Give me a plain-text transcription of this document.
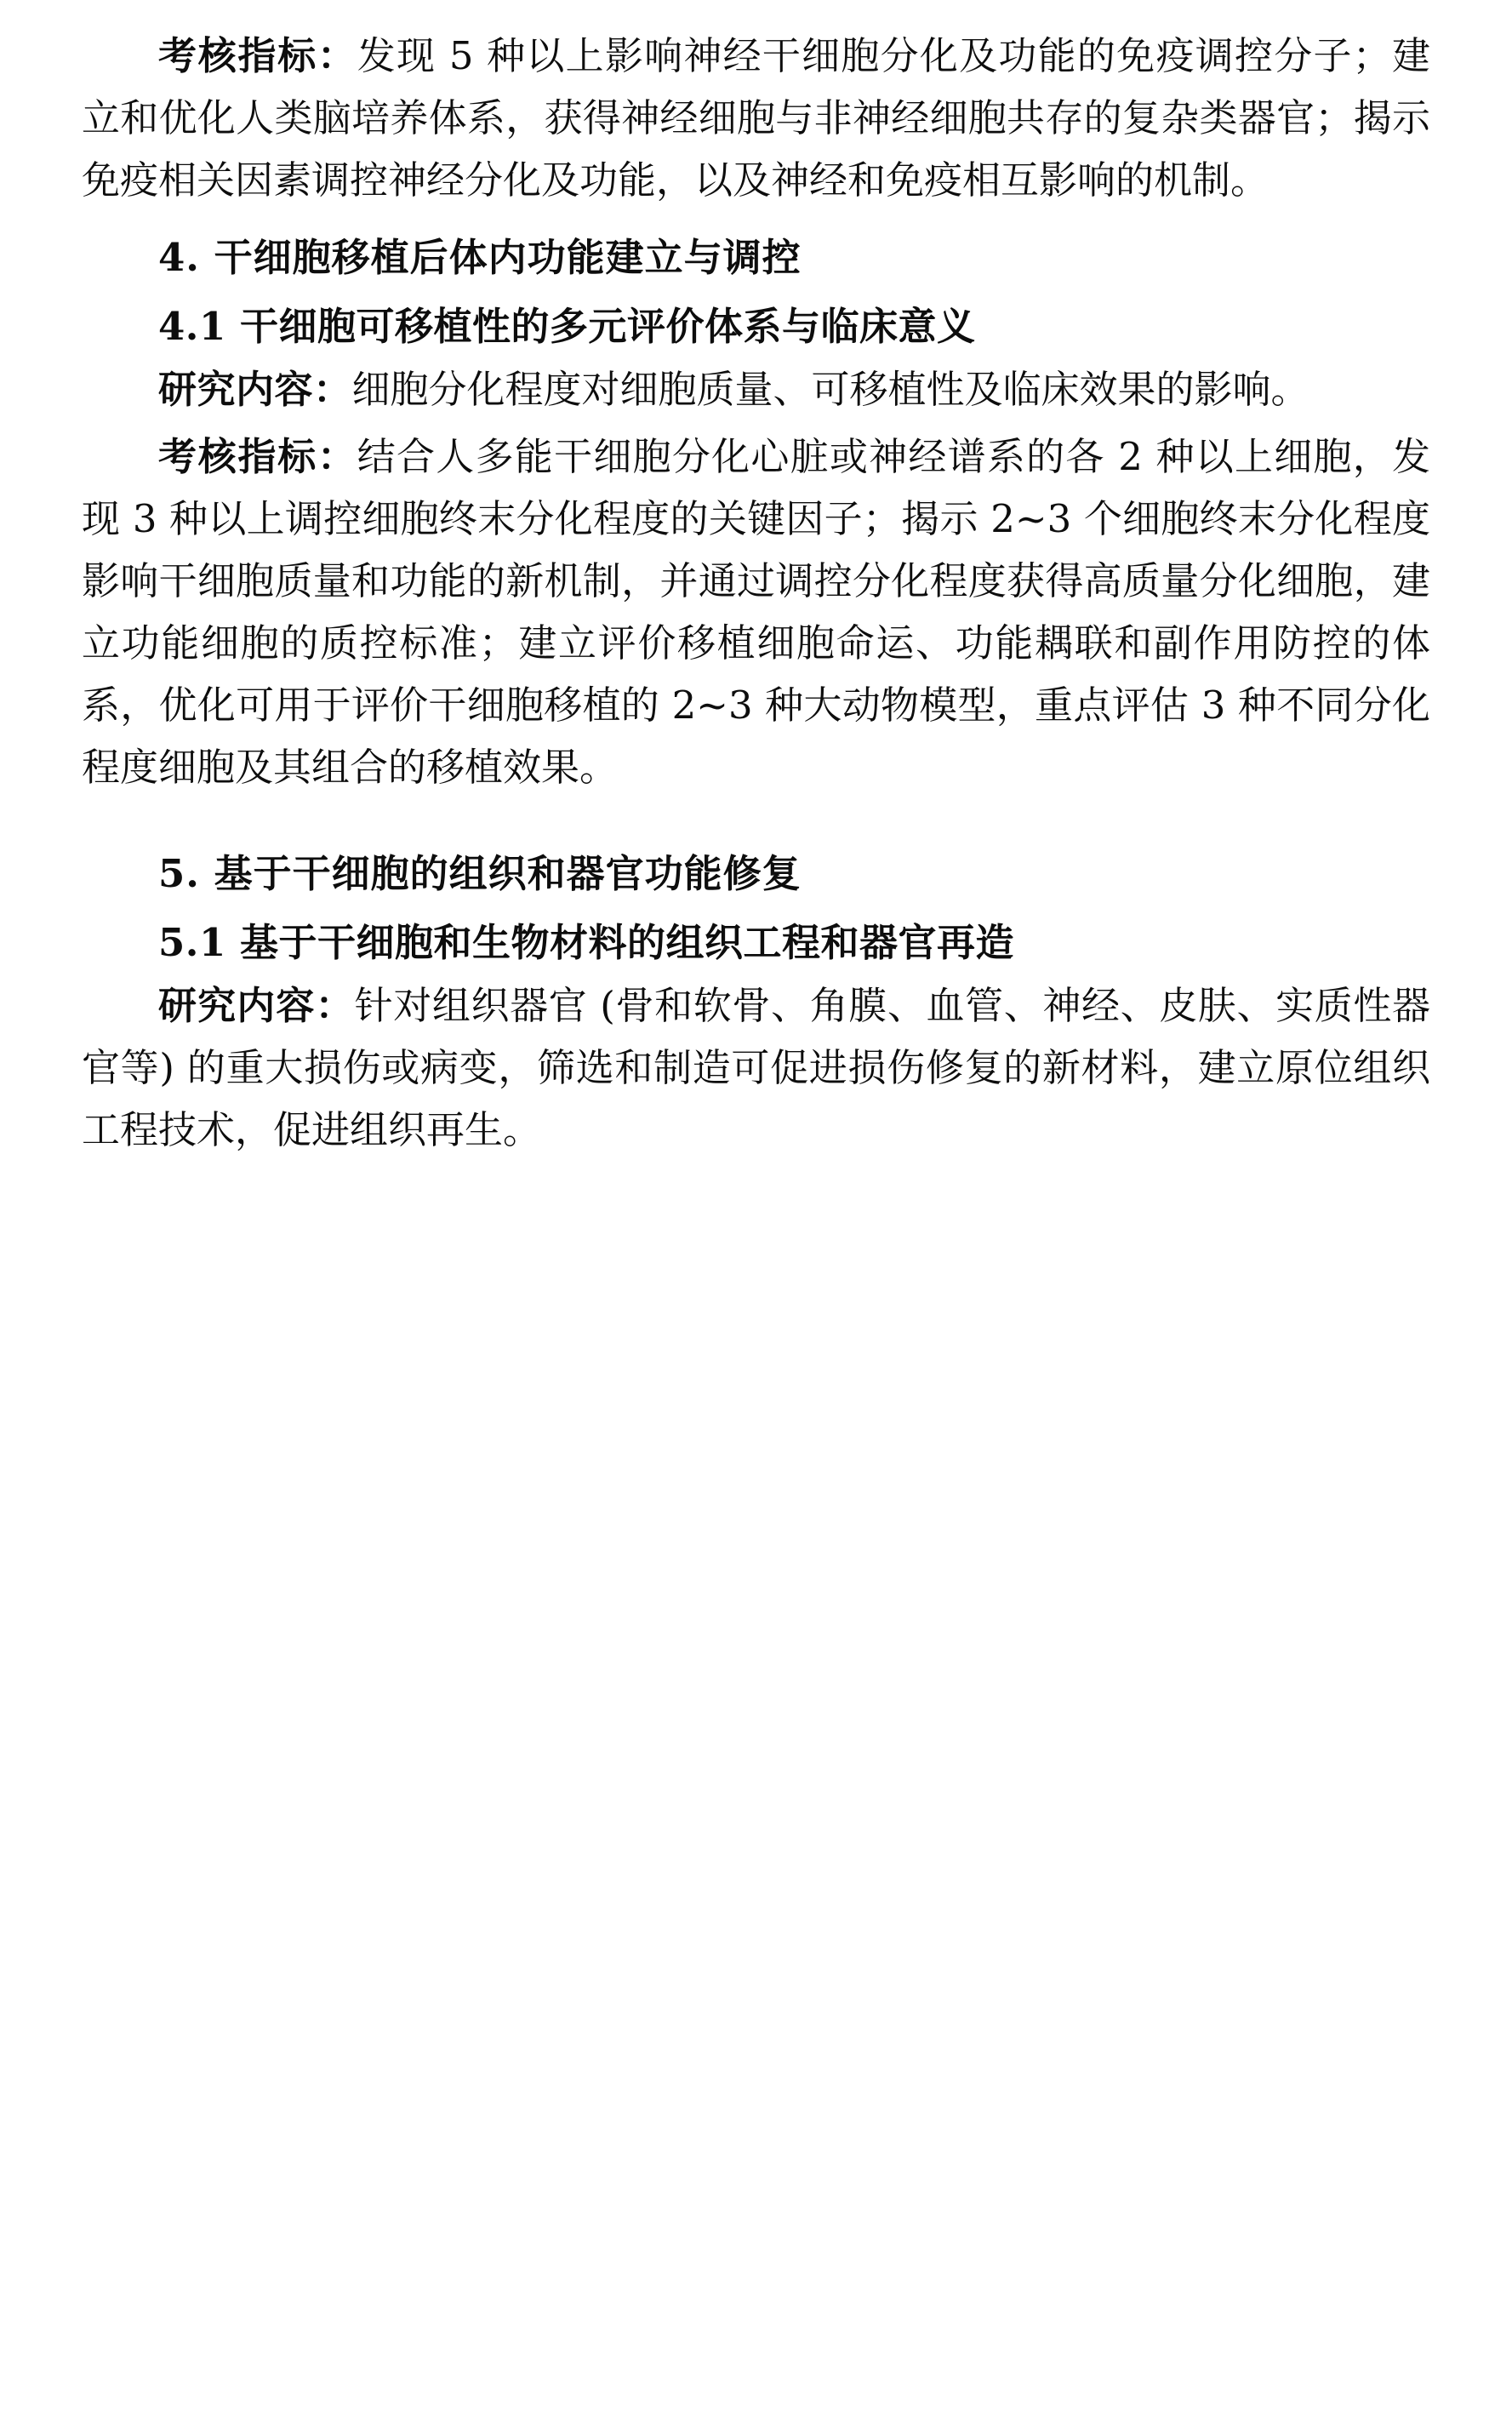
考核指标：发现 5 种以上影响神经干细胞分化及功能的免疫调控分子；建立和优化人类脑培养体系，获得神经细胞与非神经细胞共存的复杂类器官；揭示免疫相关因素调控神经分化及功能，以及神经和免疫相互影响的机制。

4. 干细胞移植后体内功能建立与调控

4.1 干细胞可移植性的多元评价体系与临床意义

研究内容：细胞分化程度对细胞质量、可移植性及临床效果的影响。

考核指标：结合人多能干细胞分化心脏或神经谱系的各 2 种以上细胞，发现 3 种以上调控细胞终末分化程度的关键因子；揭示 2~3 个细胞终末分化程度影响干细胞质量和功能的新机制，并通过调控分化程度获得高质量分化细胞，建立功能细胞的质控标准；建立评价移植细胞命运、功能耦联和副作用防控的体系，优化可用于评价干细胞移植的 2~3 种大动物模型，重点评估 3 种不同分化程度细胞及其组合的移植效果。

5. 基于干细胞的组织和器官功能修复

5.1 基于干细胞和生物材料的组织工程和器官再造

研究内容：针对组织器官 (骨和软骨、角膜、血管、神经、皮肤、实质性器官等) 的重大损伤或病变，筛选和制造可促进损伤修复的新材料，建立原位组织工程技术，促进组织再生。
